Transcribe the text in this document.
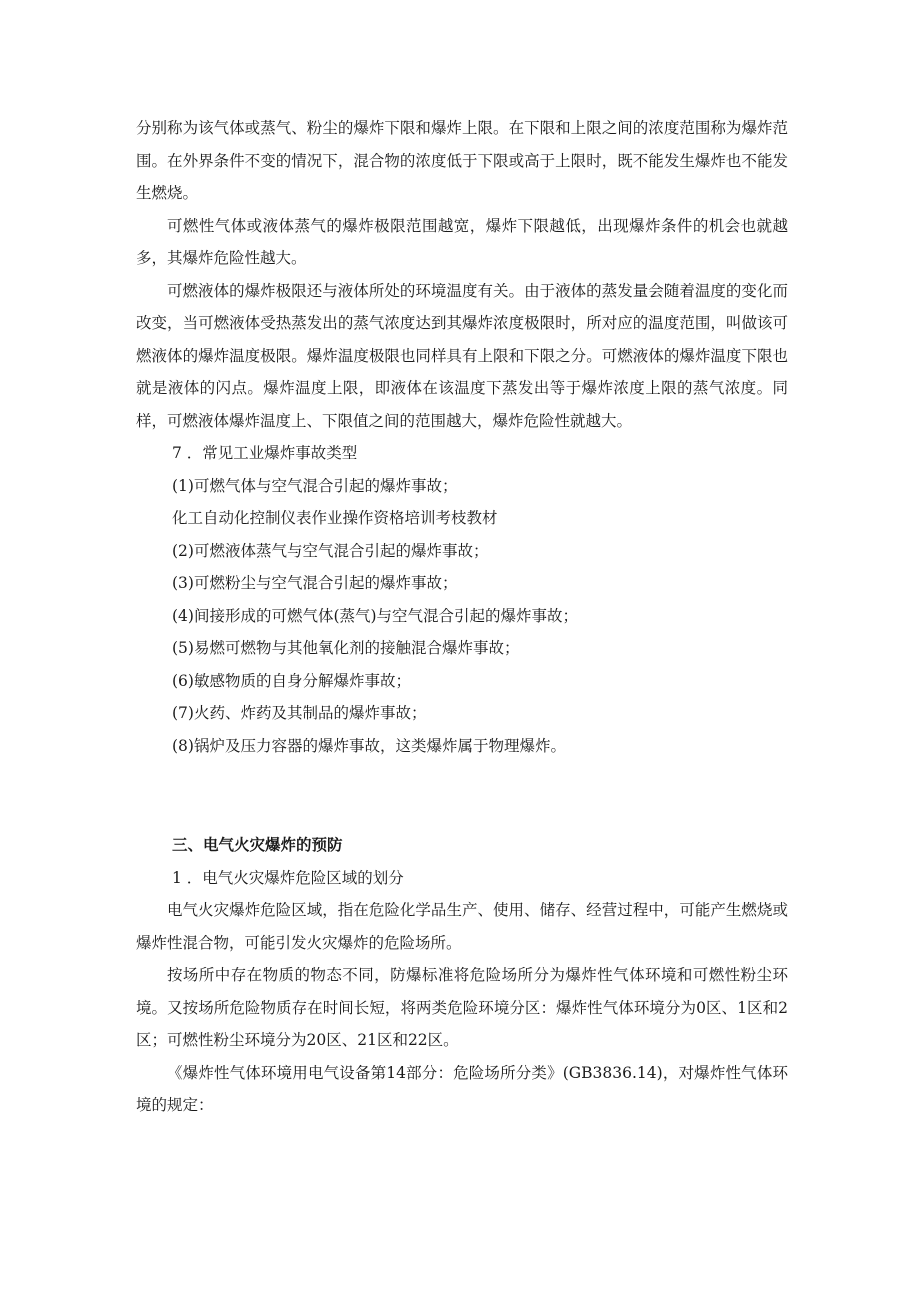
分别称为该气体或蒸气、粉尘的爆炸下限和爆炸上限。在下限和上限之间的浓度范围称为爆炸范围。在外界条件不变的情况下，混合物的浓度低于下限或高于上限时，既不能发生爆炸也不能发生燃烧。

可燃性气体或液体蒸气的爆炸极限范围越宽，爆炸下限越低，出现爆炸条件的机会也就越多，其爆炸危险性越大。

可燃液体的爆炸极限还与液体所处的环境温度有关。由于液体的蒸发量会随着温度的变化而改变，当可燃液体受热蒸发出的蒸气浓度达到其爆炸浓度极限时，所对应的温度范围，叫做该可燃液体的爆炸温度极限。爆炸温度极限也同样具有上限和下限之分。可燃液体的爆炸温度下限也就是液体的闪点。爆炸温度上限，即液体在该温度下蒸发出等于爆炸浓度上限的蒸气浓度。同样，可燃液体爆炸温度上、下限值之间的范围越大，爆炸危险性就越大。

7 ．常见工业爆炸事故类型

(1)可燃气体与空气混合引起的爆炸事故；

化工自动化控制仪表作业操作资格培训考枝教材

(2)可燃液体蒸气与空气混合引起的爆炸事故；

(3)可燃粉尘与空气混合引起的爆炸事故；

(4)间接形成的可燃气体(蒸气)与空气混合引起的爆炸事故；

(5)易燃可燃物与其他氧化剂的接触混合爆炸事故；

(6)敏感物质的自身分解爆炸事故；

(7)火药、炸药及其制品的爆炸事故；

(8)锅炉及压力容器的爆炸事故，这类爆炸属于物理爆炸。

三、电气火灾爆炸的预防

1 ．电气火灾爆炸危险区域的划分

电气火灾爆炸危险区域，指在危险化学品生产、使用、储存、经营过程中，可能产生燃烧或爆炸性混合物，可能引发火灾爆炸的危险场所。

按场所中存在物质的物态不同，防爆标准将危险场所分为爆炸性气体环境和可燃性粉尘环境。又按场所危险物质存在时间长短，将两类危险环境分区：爆炸性气体环境分为0区、1区和2区；可燃性粉尘环境分为20区、21区和22区。

《爆炸性气体环境用电气设备第14部分：危险场所分类》(GB3836.14)，对爆炸性气体环境的规定：
